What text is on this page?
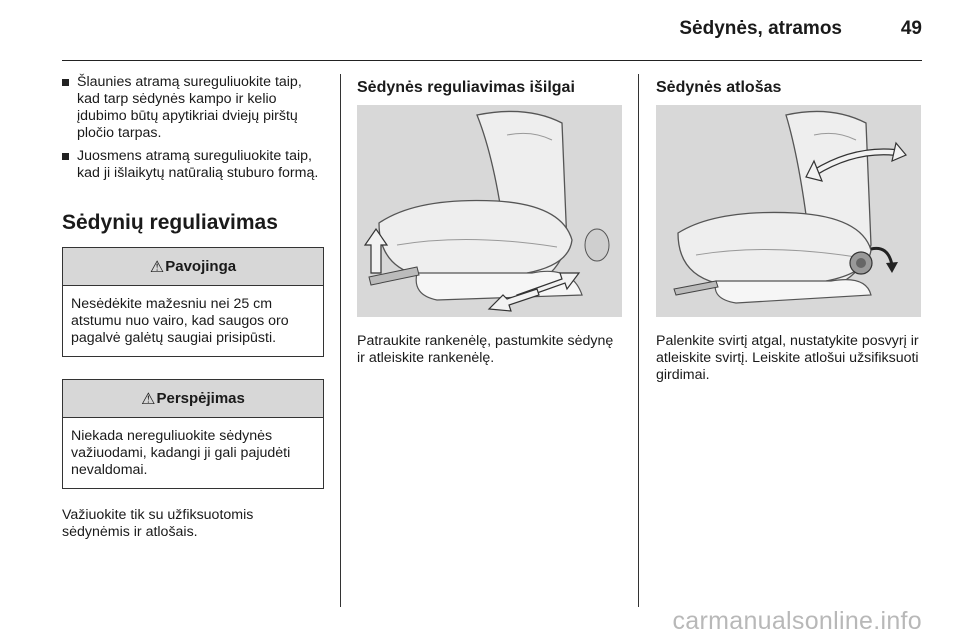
Sėdynės, atramos	49
Šlaunies atramą sureguliuokite taip, kad tarp sėdynės kampo ir kelio įdubimo būtų apytikriai dviejų pirštų pločio tarpas.
Juosmens atramą sureguliuokite taip, kad ji išlaikytų natūralią stuburo formą.
Sėdynių reguliavimas
⚠ Pavojinga
Nesėdėkite mažesniu nei 25 cm atstumu nuo vairo, kad saugos oro pagalvė galėtų saugiai prisipūsti.
⚠ Perspėjimas
Niekada nereguliuokite sėdynės važiuodami, kadangi ji gali pajudėti nevaldomai.

Važiuokite tik su užfiksuotomis sėdynėmis ir atlošais.

Sėdynės reguliavimas išilgai
Patraukite rankenėlę, pastumkite sėdynę ir atleiskite rankenėlę.
Sėdynės atlošas
Palenkite svirtį atgal, nustatykite posvyrį ir atleiskite svirtį. Leiskite atlošui užsifiksuoti girdimai.
carmanualsonline.info
